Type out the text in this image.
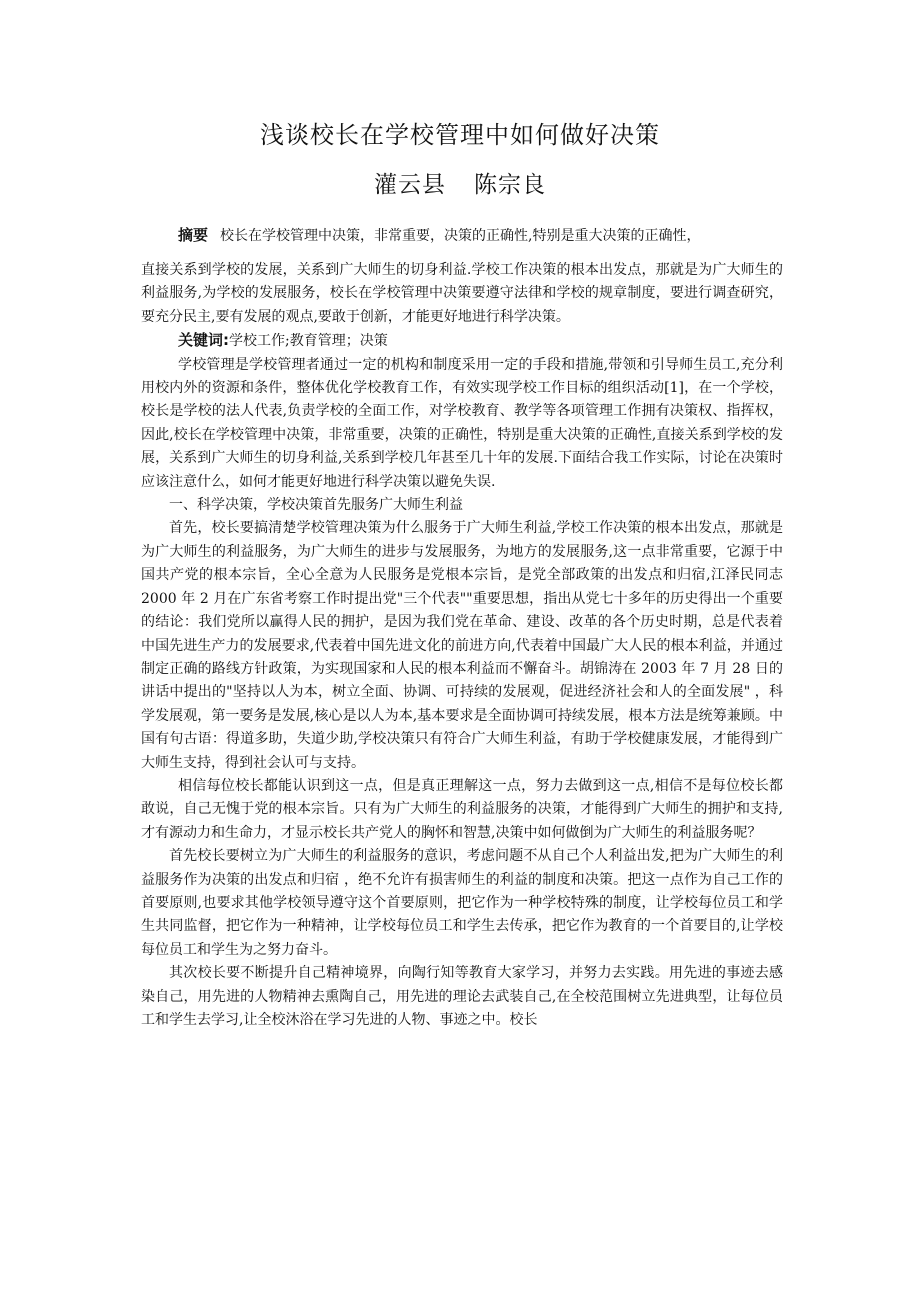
浅谈校长在学校管理中如何做好决策
灌云县 陈宗良

摘要 校长在学校管理中决策，非常重要，决策的正确性,特别是重大决策的正确性，

直接关系到学校的发展，关系到广大师生的切身利益.学校工作决策的根本出发点，那就是为广大师生的利益服务,为学校的发展服务，校长在学校管理中决策要遵守法律和学校的规章制度，要进行调查研究，要充分民主,要有发展的观点,要敢于创新，才能更好地进行科学决策。

关键词:学校工作;教育管理；决策

学校管理是学校管理者通过一定的机构和制度采用一定的手段和措施,带领和引导师生员工,充分利用校内外的资源和条件，整体优化学校教育工作，有效实现学校工作目标的组织活动[1]，在一个学校，校长是学校的法人代表,负责学校的全面工作，对学校教育、教学等各项管理工作拥有决策权、指挥权，因此,校长在学校管理中决策，非常重要，决策的正确性，特别是重大决策的正确性,直接关系到学校的发展，关系到广大师生的切身利益,关系到学校几年甚至几十年的发展.下面结合我工作实际，讨论在决策时应该注意什么，如何才能更好地进行科学决策以避免失误.

一、科学决策，学校决策首先服务广大师生利益

首先，校长要搞清楚学校管理决策为什么服务于广大师生利益,学校工作决策的根本出发点，那就是为广大师生的利益服务，为广大师生的进步与发展服务，为地方的发展服务,这一点非常重要，它源于中国共产党的根本宗旨，全心全意为人民服务是党根本宗旨，是党全部政策的出发点和归宿,江泽民同志 2000 年 2 月在广东省考察工作时提出党"三个代表""重要思想，指出从党七十多年的历史得出一个重要的结论：我们党所以赢得人民的拥护，是因为我们党在革命、建设、改革的各个历史时期，总是代表着中国先进生产力的发展要求,代表着中国先进文化的前进方向,代表着中国最广大人民的根本利益，并通过制定正确的路线方针政策，为实现国家和人民的根本利益而不懈奋斗。胡锦涛在 2003 年 7 月 28 日的讲话中提出的"坚持以人为本，树立全面、协调、可持续的发展观，促进经济社会和人的全面发展" ，科学发展观，第一要务是发展,核心是以人为本,基本要求是全面协调可持续发展，根本方法是统筹兼顾。中国有句古语：得道多助，失道少助,学校决策只有符合广大师生利益，有助于学校健康发展，才能得到广大师生支持，得到社会认可与支持。

相信每位校长都能认识到这一点，但是真正理解这一点，努力去做到这一点,相信不是每位校长都敢说，自己无愧于党的根本宗旨。只有为广大师生的利益服务的决策，才能得到广大师生的拥护和支持,才有源动力和生命力，才显示校长共产党人的胸怀和智慧,决策中如何做倒为广大师生的利益服务呢？

首先校长要树立为广大师生的利益服务的意识，考虑问题不从自己个人利益出发,把为广大师生的利益服务作为决策的出发点和归宿 ，绝不允许有损害师生的利益的制度和决策。把这一点作为自己工作的首要原则,也要求其他学校领导遵守这个首要原则，把它作为一种学校特殊的制度，让学校每位员工和学生共同监督，把它作为一种精神，让学校每位员工和学生去传承，把它作为教育的一个首要目的,让学校每位员工和学生为之努力奋斗。

其次校长要不断提升自己精神境界，向陶行知等教育大家学习，并努力去实践。用先进的事迹去感染自己，用先进的人物精神去熏陶自己，用先进的理论去武装自己,在全校范围树立先进典型，让每位员工和学生去学习,让全校沐浴在学习先进的人物、事迹之中。校长
